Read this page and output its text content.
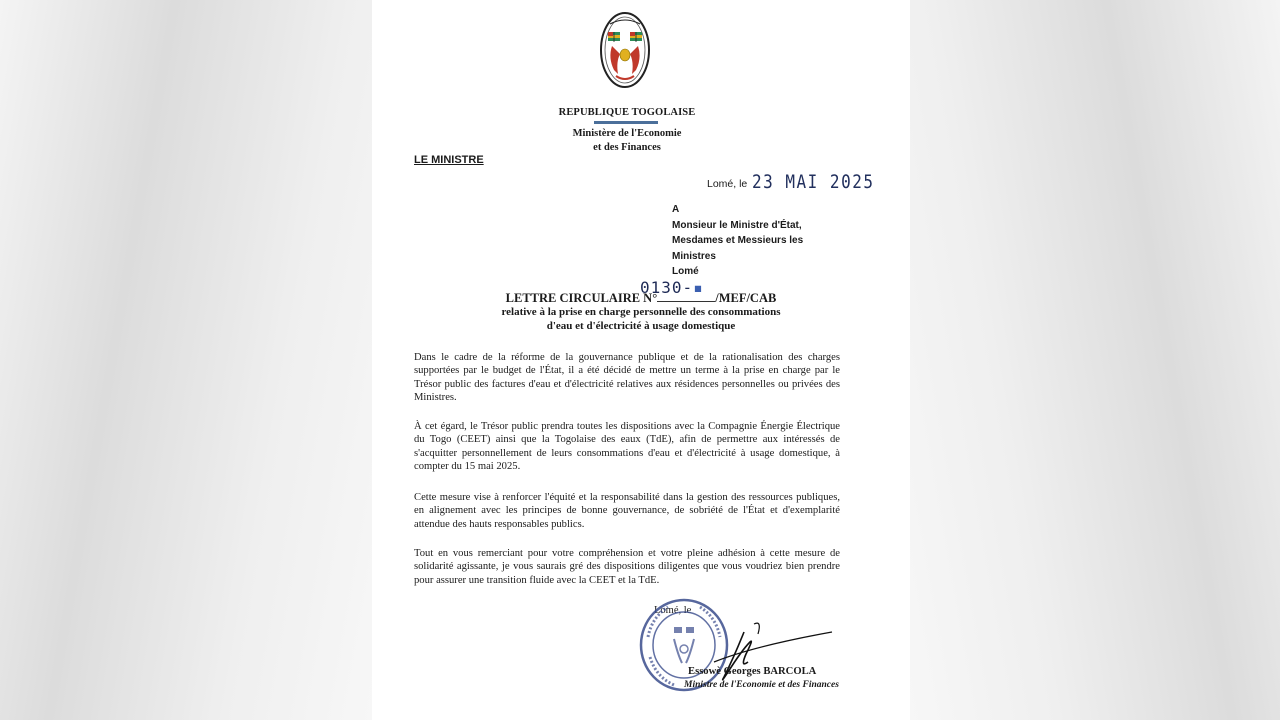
REPUBLIQUE TOGOLAISE
Ministère de l'Economie
et des Finances
LE MINISTRE
Lomé, le 23 MAI 2025
A
Monsieur le Ministre d'État,
Mesdames et Messieurs les
Ministres
Lomé
LETTRE CIRCULAIRE N°	/MEF/CAB
0130-▪
relative à la prise en charge personnelle des consommations
d'eau et d'électricité à usage domestique
Dans le cadre de la réforme de la gouvernance publique et de la rationalisation des charges supportées par le budget de l'État, il a été décidé de mettre un terme à la prise en charge par le Trésor public des factures d'eau et d'électricité relatives aux résidences personnelles ou privées des Ministres.
À cet égard, le Trésor public prendra toutes les dispositions avec la Compagnie Énergie Électrique du Togo (CEET) ainsi que la Togolaise des eaux (TdE), afin de permettre aux intéressés de s'acquitter personnellement de leurs consommations d'eau et d'électricité à usage domestique, à compter du 15 mai 2025.
Cette mesure vise à renforcer l'équité et la responsabilité dans la gestion des ressources publiques, en alignement avec les principes de bonne gouvernance, de sobriété de l'État et d'exemplarité attendue des hauts responsables publics.
Tout en vous remerciant pour votre compréhension et votre pleine adhésion à cette mesure de solidarité agissante, je vous saurais gré des dispositions diligentes que vous voudriez bien prendre pour assurer une transition fluide avec la CEET et la TdE.
Lomé, le
Essowè Georges BARCOLA
Ministre de l'Economie et des Finances
